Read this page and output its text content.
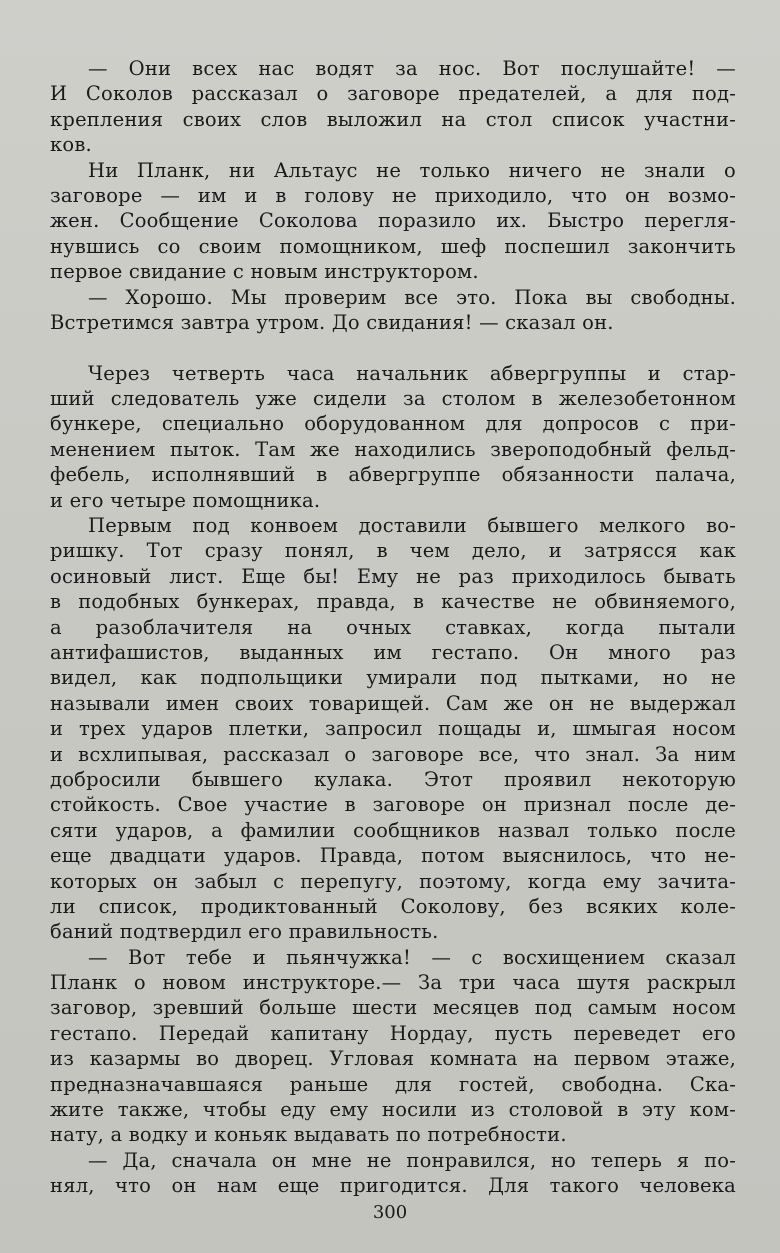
— Они всех нас водят за нос. Вот послушайте! —
И Соколов рассказал о заговоре предателей, а для под-
крепления своих слов выложил на стол список участни-
ков.
Ни Планк, ни Альтаус не только ничего не знали о
заговоре — им и в голову не приходило, что он возмо-
жен. Сообщение Соколова поразило их. Быстро перегля-
нувшись со своим помощником, шеф поспешил закончить
первое свидание с новым инструктором.
— Хорошо. Мы проверим все это. Пока вы свободны.
Встретимся завтра утром. До свидания! — сказал он.
Через четверть часа начальник абвергруппы и стар-
ший следователь уже сидели за столом в железобетонном
бункере, специально оборудованном для допросов с при-
менением пыток. Там же находились звероподобный фельд-
фебель, исполнявший в абвергруппе обязанности палача,
и его четыре помощника.
Первым под конвоем доставили бывшего мелкого во-
ришку. Тот сразу понял, в чем дело, и затрясся как
осиновый лист. Еще бы! Ему не раз приходилось бывать
в подобных бункерах, правда, в качестве не обвиняемого,
а разоблачителя на очных ставках, когда пытали
антифашистов, выданных им гестапо. Он много раз
видел, как подпольщики умирали под пытками, но не
называли имен своих товарищей. Сам же он не выдержал
и трех ударов плетки, запросил пощады и, шмыгая носом
и всхлипывая, рассказал о заговоре все, что знал. За ним
добросили бывшего кулака. Этот проявил некоторую
стойкость. Свое участие в заговоре он признал после де-
сяти ударов, а фамилии сообщников назвал только после
еще двадцати ударов. Правда, потом выяснилось, что не-
которых он забыл с перепугу, поэтому, когда ему зачита-
ли список, продиктованный Соколову, без всяких коле-
баний подтвердил его правильность.
— Вот тебе и пьянчужка! — с восхищением сказал
Планк о новом инструкторе.— За три часа шутя раскрыл
заговор, зревший больше шести месяцев под самым носом
гестапо. Передай капитану Нордау, пусть переведет его
из казармы во дворец. Угловая комната на первом этаже,
предназначавшаяся раньше для гостей, свободна. Ска-
жите также, чтобы еду ему носили из столовой в эту ком-
нату, а водку и коньяк выдавать по потребности.
— Да, сначала он мне не понравился, но теперь я по-
нял, что он нам еще пригодится. Для такого человека
300
